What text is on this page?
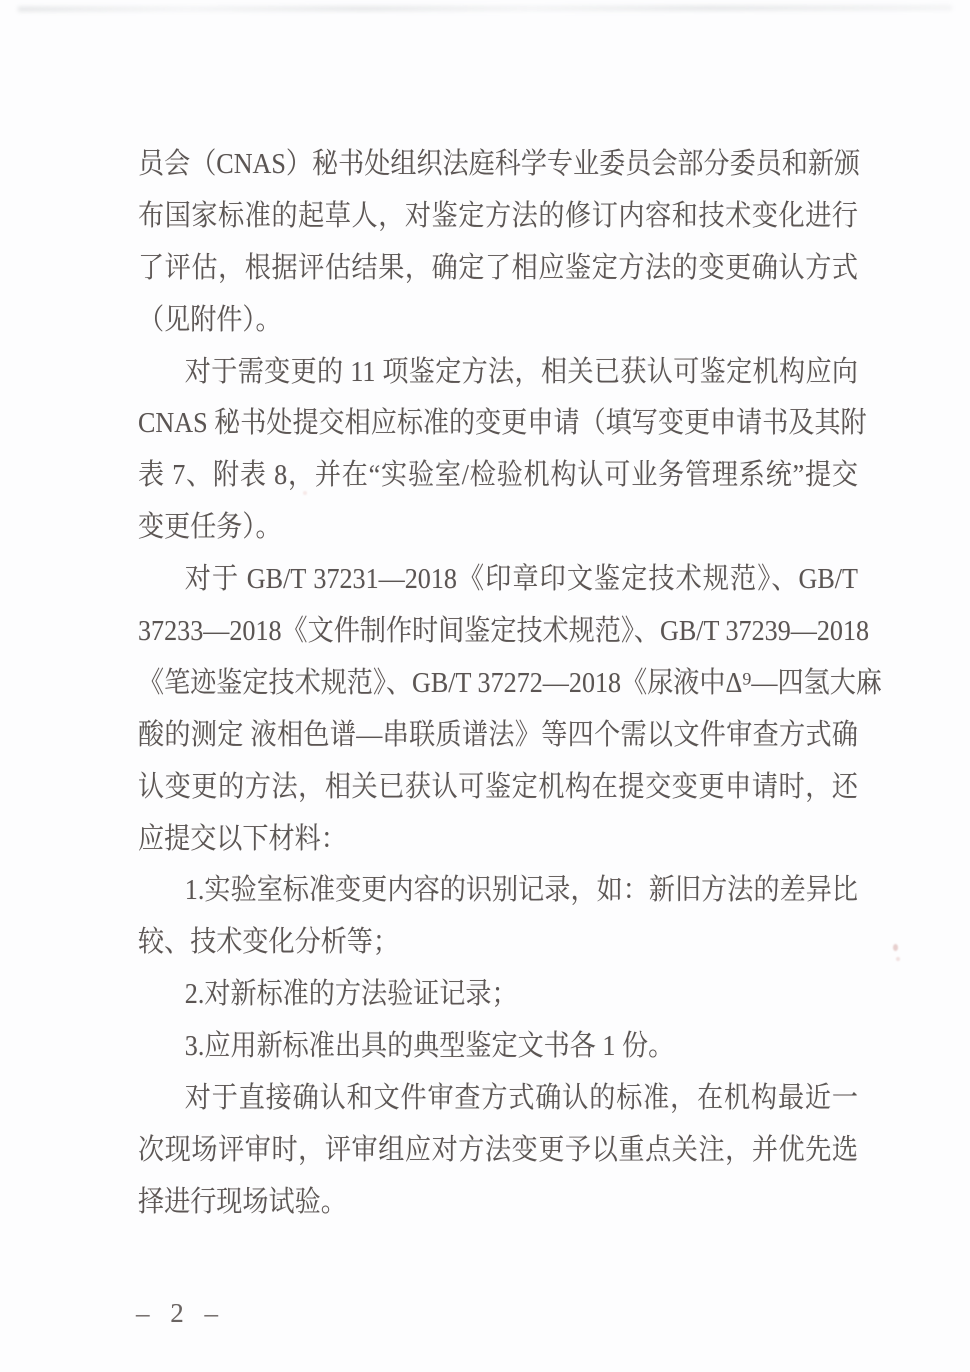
员会（CNAS）秘书处组织法庭科学专业委员会部分委员和新颁
布国家标准的起草人，对鉴定方法的修订内容和技术变化进行
了评估，根据评估结果，确定了相应鉴定方法的变更确认方式
（见附件）。
对于需变更的 11 项鉴定方法，相关已获认可鉴定机构应向
CNAS 秘书处提交相应标准的变更申请（填写变更申请书及其附
表 7、附表 8，并在“实验室/检验机构认可业务管理系统”提交
变更任务）。
对于 GB/T 37231—2018《印章印文鉴定技术规范》、GB/T
37233—2018《文件制作时间鉴定技术规范》、GB/T 37239—2018
《笔迹鉴定技术规范》、GB/T 37272—2018《尿液中Δ⁹—四氢大麻
酸的测定 液相色谱—串联质谱法》等四个需以文件审查方式确
认变更的方法，相关已获认可鉴定机构在提交变更申请时，还
应提交以下材料：
1.实验室标准变更内容的识别记录，如：新旧方法的差异比
较、技术变化分析等；
2.对新标准的方法验证记录；
3.应用新标准出具的典型鉴定文书各 1 份。
对于直接确认和文件审查方式确认的标准，在机构最近一
次现场评审时，评审组应对方法变更予以重点关注，并优先选
择进行现场试验。
– 2 –
